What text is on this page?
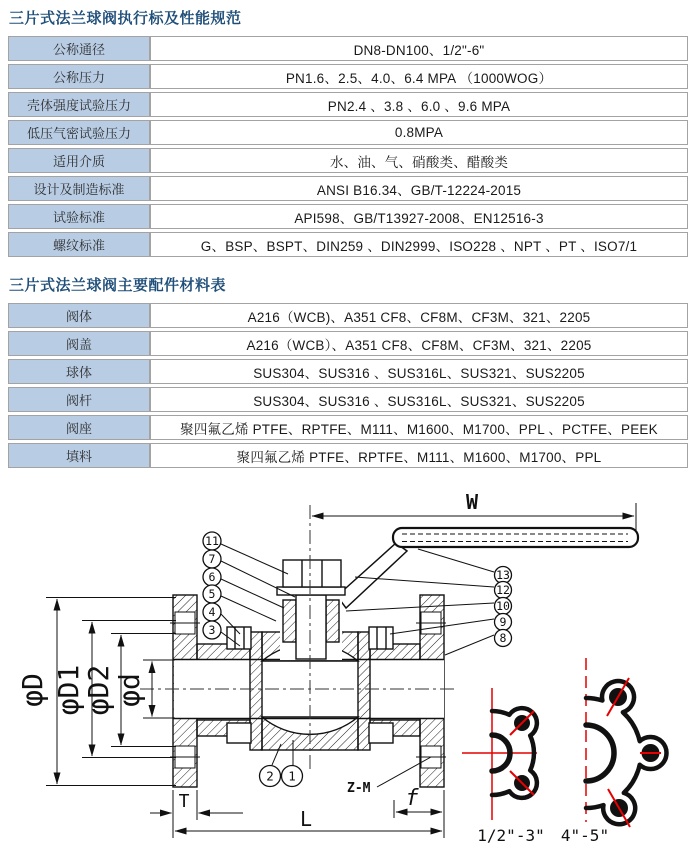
三片式法兰球阀执行标及性能规范
公称通径	DN8-DN100、1/2"-6"
公称压力	PN1.6、2.5、4.0、6.4 MPA （1000WOG）
壳体强度试验压力	PN2.4 、3.8 、6.0 、9.6 MPA
低压气密试验压力	0.8MPA
适用介质	水、油、气、硝酸类、醋酸类
设计及制造标准	ANSI B16.34、GB/T-12224-2015
试验标准	API598、GB/T13927-2008、EN12516-3
螺纹标准	G、BSP、BSPT、DIN259 、DIN2999、ISO228 、NPT 、PT 、ISO7/1
三片式法兰球阀主要配件材料表
阀体	A216（WCB)、A351 CF8、CF8M、CF3M、321、2205
阀盖	A216（WCB）、A351 CF8、CF8M、CF3M、321、2205
球体	SUS304、SUS316 、SUS316L、SUS321、SUS2205
阀杆	SUS304、SUS316 、SUS316L、SUS321、SUS2205
阀座	聚四氟乙烯 PTFE、RPTFE、M111、M1600、M1700、PPL 、PCTFE、PEEK
填料	聚四氟乙烯 PTFE、RPTFE、M111、M1600、M1700、PPL
W
φD φD1
φD2
φd
T
L
f
Z-M
11
7
6
5
4
3
13
12
10
9
8
2 1
1/2"-3" 4"-5"
